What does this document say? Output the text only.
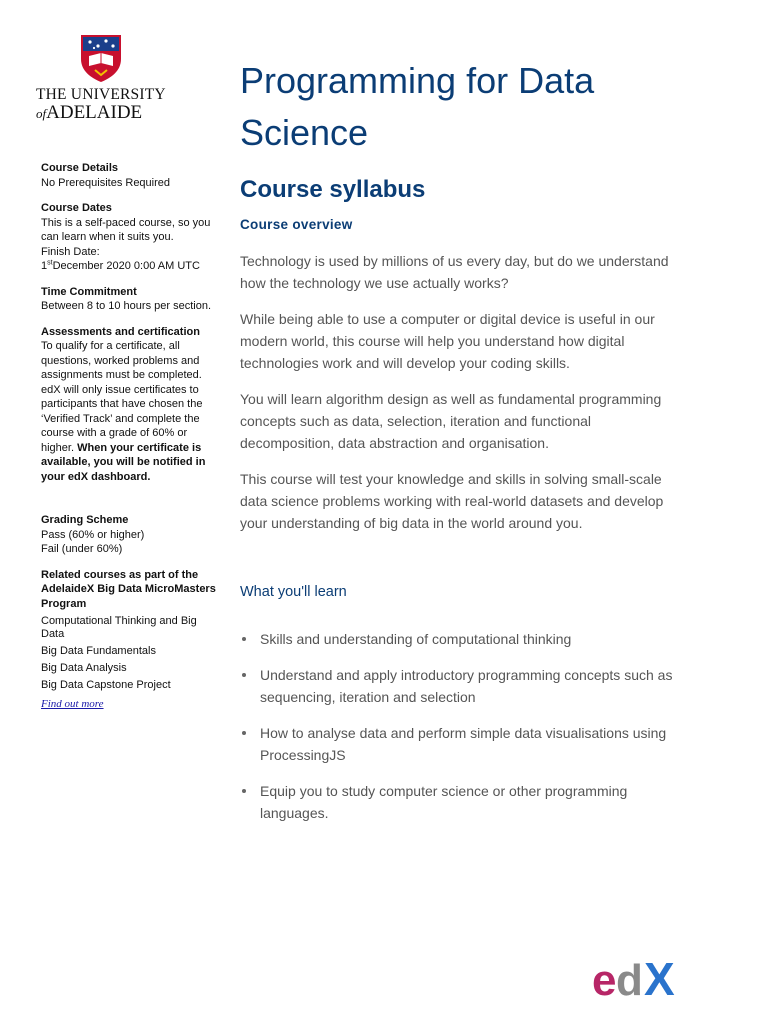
THE UNIVERSITY
ofADELAIDE
Course Details
No Prerequisites Required
Course Dates
This is a self-paced course, so you can learn when it suits you.
Finish Date:
1stDecember 2020 0:00 AM UTC
Time Commitment
Between 8 to 10 hours per section.
Assessments and certification
To qualify for a certificate, all questions, worked problems and assignments must be completed. edX will only issue certificates to participants that have chosen the ‘Verified Track’ and complete the course with a grade of 60% or higher. When your certificate is available, you will be notified in your edX dashboard.
Grading Scheme
Pass (60% or higher)
Fail (under 60%)
Related courses as part of the AdelaideX Big Data MicroMasters Program
Computational Thinking and Big Data
Big Data Fundamentals
Big Data Analysis
Big Data Capstone Project
Find out more
Programming for Data Science
Course syllabus
Course overview

Technology is used by millions of us every day, but do we understand how the technology we use actually works?

While being able to use a computer or digital device is useful in our modern world, this course will help you understand how digital technologies work and will develop your coding skills.

You will learn algorithm design as well as fundamental programming concepts such as data, selection, iteration and functional decomposition, data abstraction and organisation.

This course will test your knowledge and skills in solving small-scale data science problems working with real-world datasets and develop your understanding of big data in the world around you.

What you'll learn
Skills and understanding of computational thinking
Understand and apply introductory programming concepts such as sequencing, iteration and selection
How to analyse data and perform simple data visualisations using ProcessingJS
Equip you to study computer science or other programming languages.
e d X
